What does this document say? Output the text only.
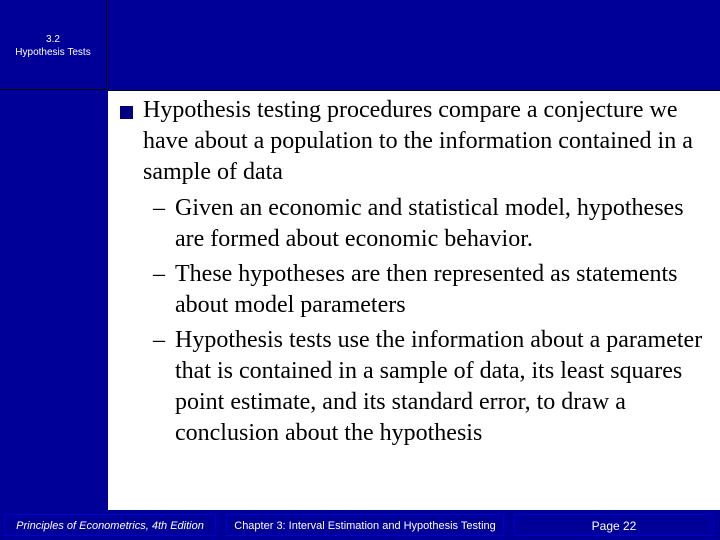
3.2
Hypothesis Tests
Hypothesis testing procedures compare a conjecture we have about a population to the information contained in a sample of data
– Given an economic and statistical model, hypotheses are formed about economic behavior.
– These hypotheses are then represented as statements about model parameters
– Hypothesis tests use the information about a parameter that is contained in a sample of data, its least squares point estimate, and its standard error, to draw a conclusion about the hypothesis
Principles of Econometrics, 4th Edition	Chapter 3: Interval Estimation and Hypothesis Testing	Page 22
